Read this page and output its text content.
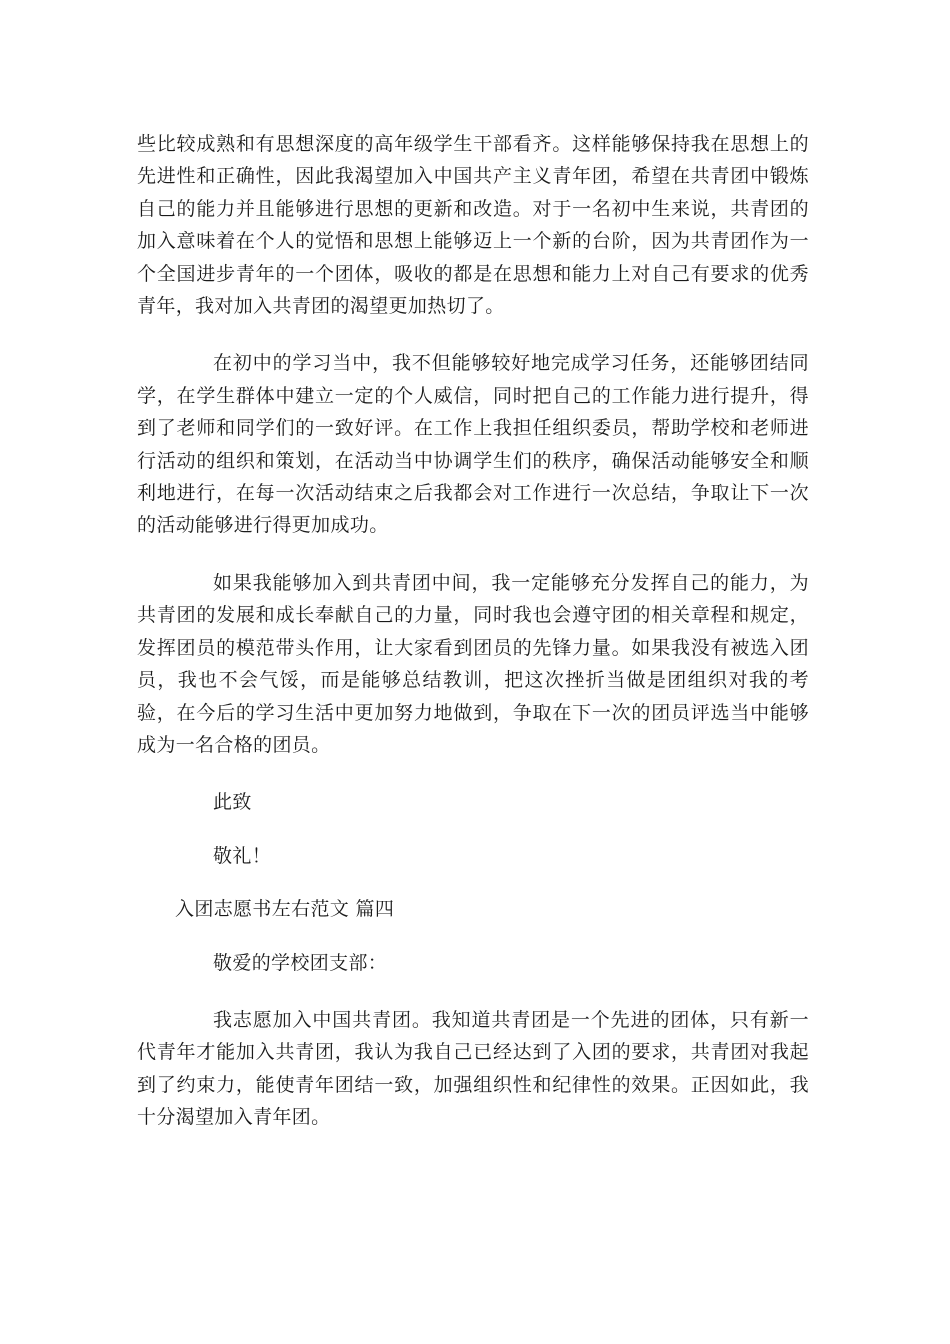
些比较成熟和有思想深度的高年级学生干部看齐。这样能够保持我在思想上的先进性和正确性，因此我渴望加入中国共产主义青年团，希望在共青团中锻炼自己的能力并且能够进行思想的更新和改造。对于一名初中生来说，共青团的加入意味着在个人的觉悟和思想上能够迈上一个新的台阶，因为共青团作为一个全国进步青年的一个团体，吸收的都是在思想和能力上对自己有要求的优秀青年，我对加入共青团的渴望更加热切了。

在初中的学习当中，我不但能够较好地完成学习任务，还能够团结同学，在学生群体中建立一定的个人威信，同时把自己的工作能力进行提升，得到了老师和同学们的一致好评。在工作上我担任组织委员，帮助学校和老师进行活动的组织和策划，在活动当中协调学生们的秩序，确保活动能够安全和顺利地进行，在每一次活动结束之后我都会对工作进行一次总结，争取让下一次的活动能够进行得更加成功。

如果我能够加入到共青团中间，我一定能够充分发挥自己的能力，为共青团的发展和成长奉献自己的力量，同时我也会遵守团的相关章程和规定，发挥团员的模范带头作用，让大家看到团员的先锋力量。如果我没有被选入团员，我也不会气馁，而是能够总结教训，把这次挫折当做是团组织对我的考验，在今后的学习生活中更加努力地做到，争取在下一次的团员评选当中能够成为一名合格的团员。

此致

敬礼！

入团志愿书左右范文 篇四

敬爱的学校团支部：

我志愿加入中国共青团。我知道共青团是一个先进的团体，只有新一代青年才能加入共青团，我认为我自己已经达到了入团的要求，共青团对我起到了约束力，能使青年团结一致，加强组织性和纪律性的效果。正因如此，我十分渴望加入青年团。
